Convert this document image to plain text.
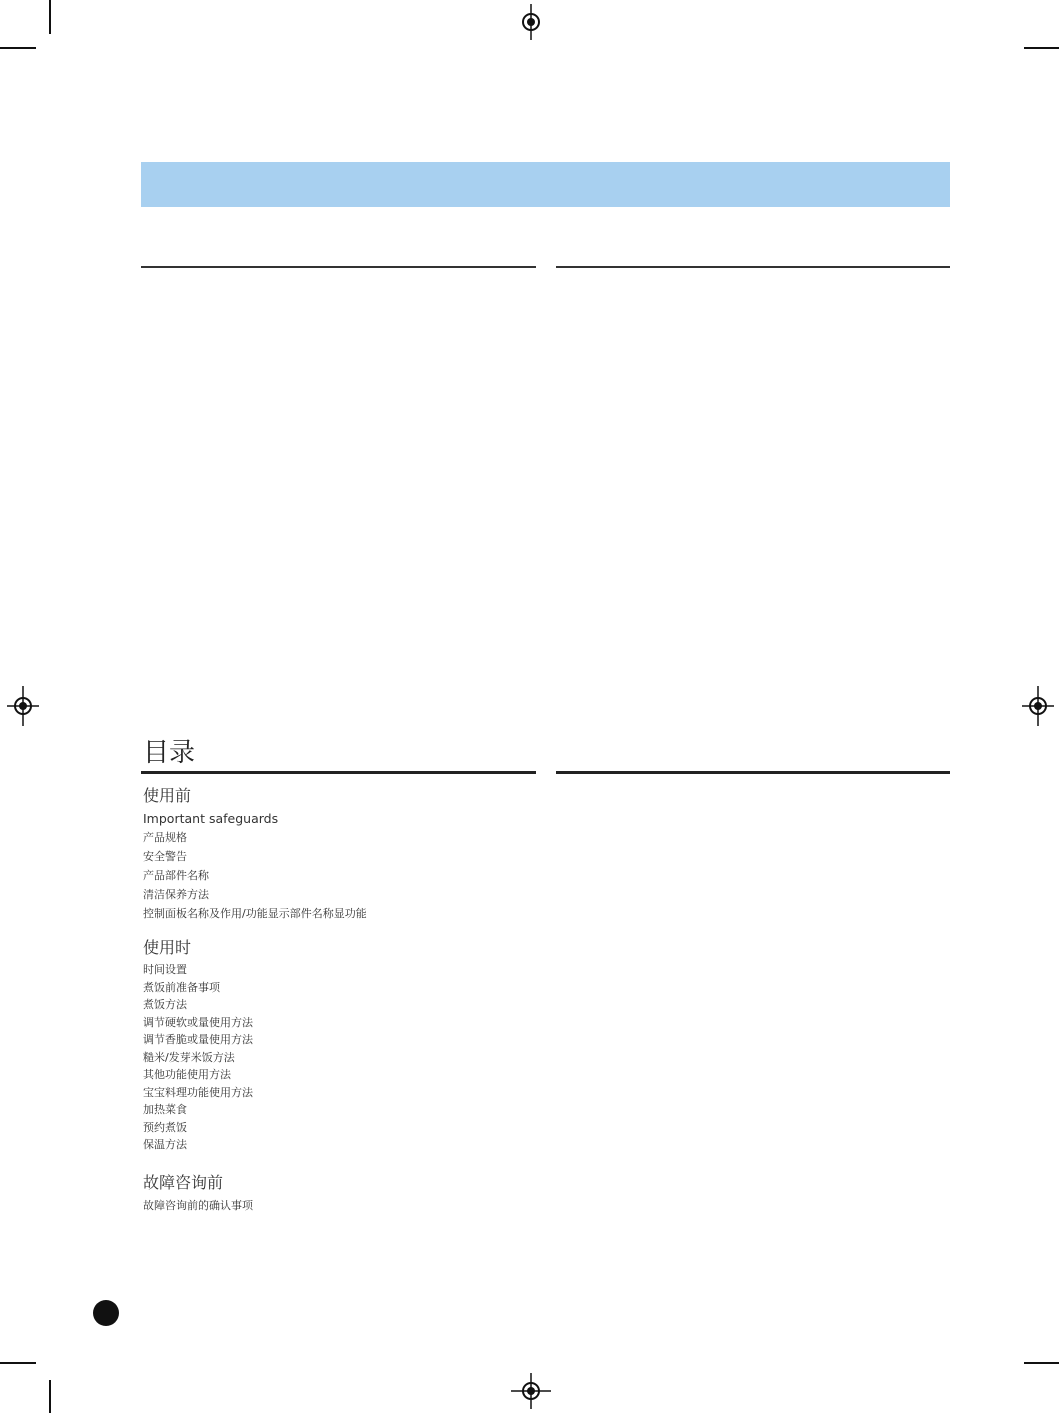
目录
使用前
Important safeguards
产品规格
安全警告
产品部件名称
清洁保养方法
控制面板名称及作用/功能显示部件名称显功能
使用时
时间设置
煮饭前准备事项
煮饭方法
调节硬软或量使用方法
调节香脆或量使用方法
糙米/发芽米饭方法
其他功能使用方法
宝宝料理功能使用方法
加热菜食
预约煮饭
保温方法
故障咨询前
故障咨询前的确认事项
